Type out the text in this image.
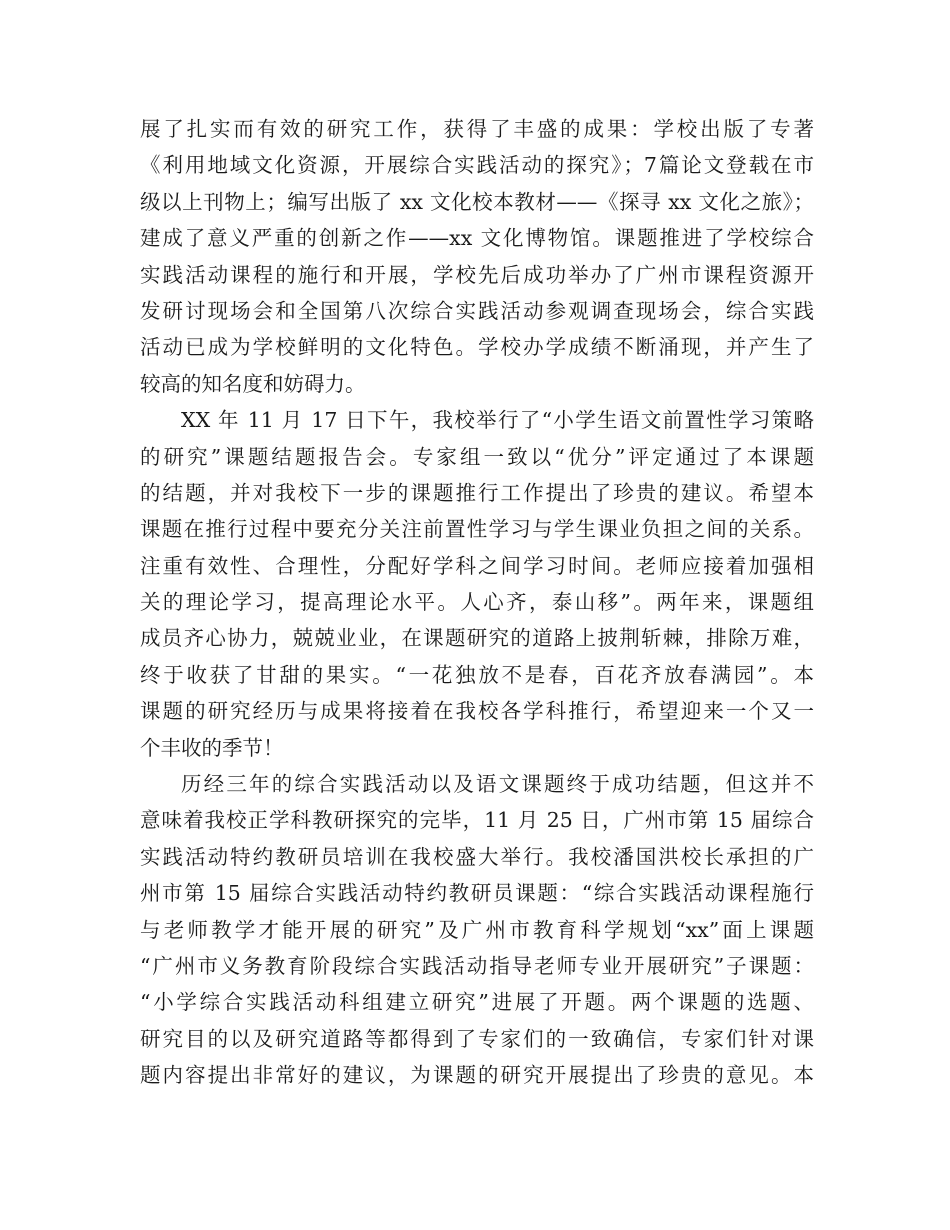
展了扎实而有效的研究工作，获得了丰盛的成果：学校出版了专著
《利用地域文化资源，开展综合实践活动的探究》；7篇论文登载在市
级以上刊物上；编写出版了 xx 文化校本教材——《探寻 xx 文化之旅》；
建成了意义严重的创新之作——xx 文化博物馆。课题推进了学校综合
实践活动课程的施行和开展，学校先后成功举办了广州市课程资源开
发研讨现场会和全国第八次综合实践活动参观调查现场会，综合实践
活动已成为学校鲜明的文化特色。学校办学成绩不断涌现，并产生了
较高的知名度和妨碍力。
XX 年 11 月 17 日下午，我校举行了“小学生语文前置性学习策略
的研究”课题结题报告会。专家组一致以“优分”评定通过了本课题
的结题，并对我校下一步的课题推行工作提出了珍贵的建议。希望本
课题在推行过程中要充分关注前置性学习与学生课业负担之间的关系。
注重有效性、合理性，分配好学科之间学习时间。老师应接着加强相
关的理论学习，提高理论水平。人心齐，泰山移”。两年来，课题组
成员齐心协力，兢兢业业，在课题研究的道路上披荆斩棘，排除万难，
终于收获了甘甜的果实。“一花独放不是春，百花齐放春满园”。本
课题的研究经历与成果将接着在我校各学科推行，希望迎来一个又一
个丰收的季节！
历经三年的综合实践活动以及语文课题终于成功结题，但这并不
意味着我校正学科教研探究的完毕，11 月 25 日，广州市第 15 届综合
实践活动特约教研员培训在我校盛大举行。我校潘国洪校长承担的广
州市第 15 届综合实践活动特约教研员课题：“综合实践活动课程施行
与老师教学才能开展的研究”及广州市教育科学规划“xx”面上课题
“广州市义务教育阶段综合实践活动指导老师专业开展研究”子课题：
“小学综合实践活动科组建立研究”进展了开题。两个课题的选题、
研究目的以及研究道路等都得到了专家们的一致确信，专家们针对课
题内容提出非常好的建议，为课题的研究开展提出了珍贵的意见。本
